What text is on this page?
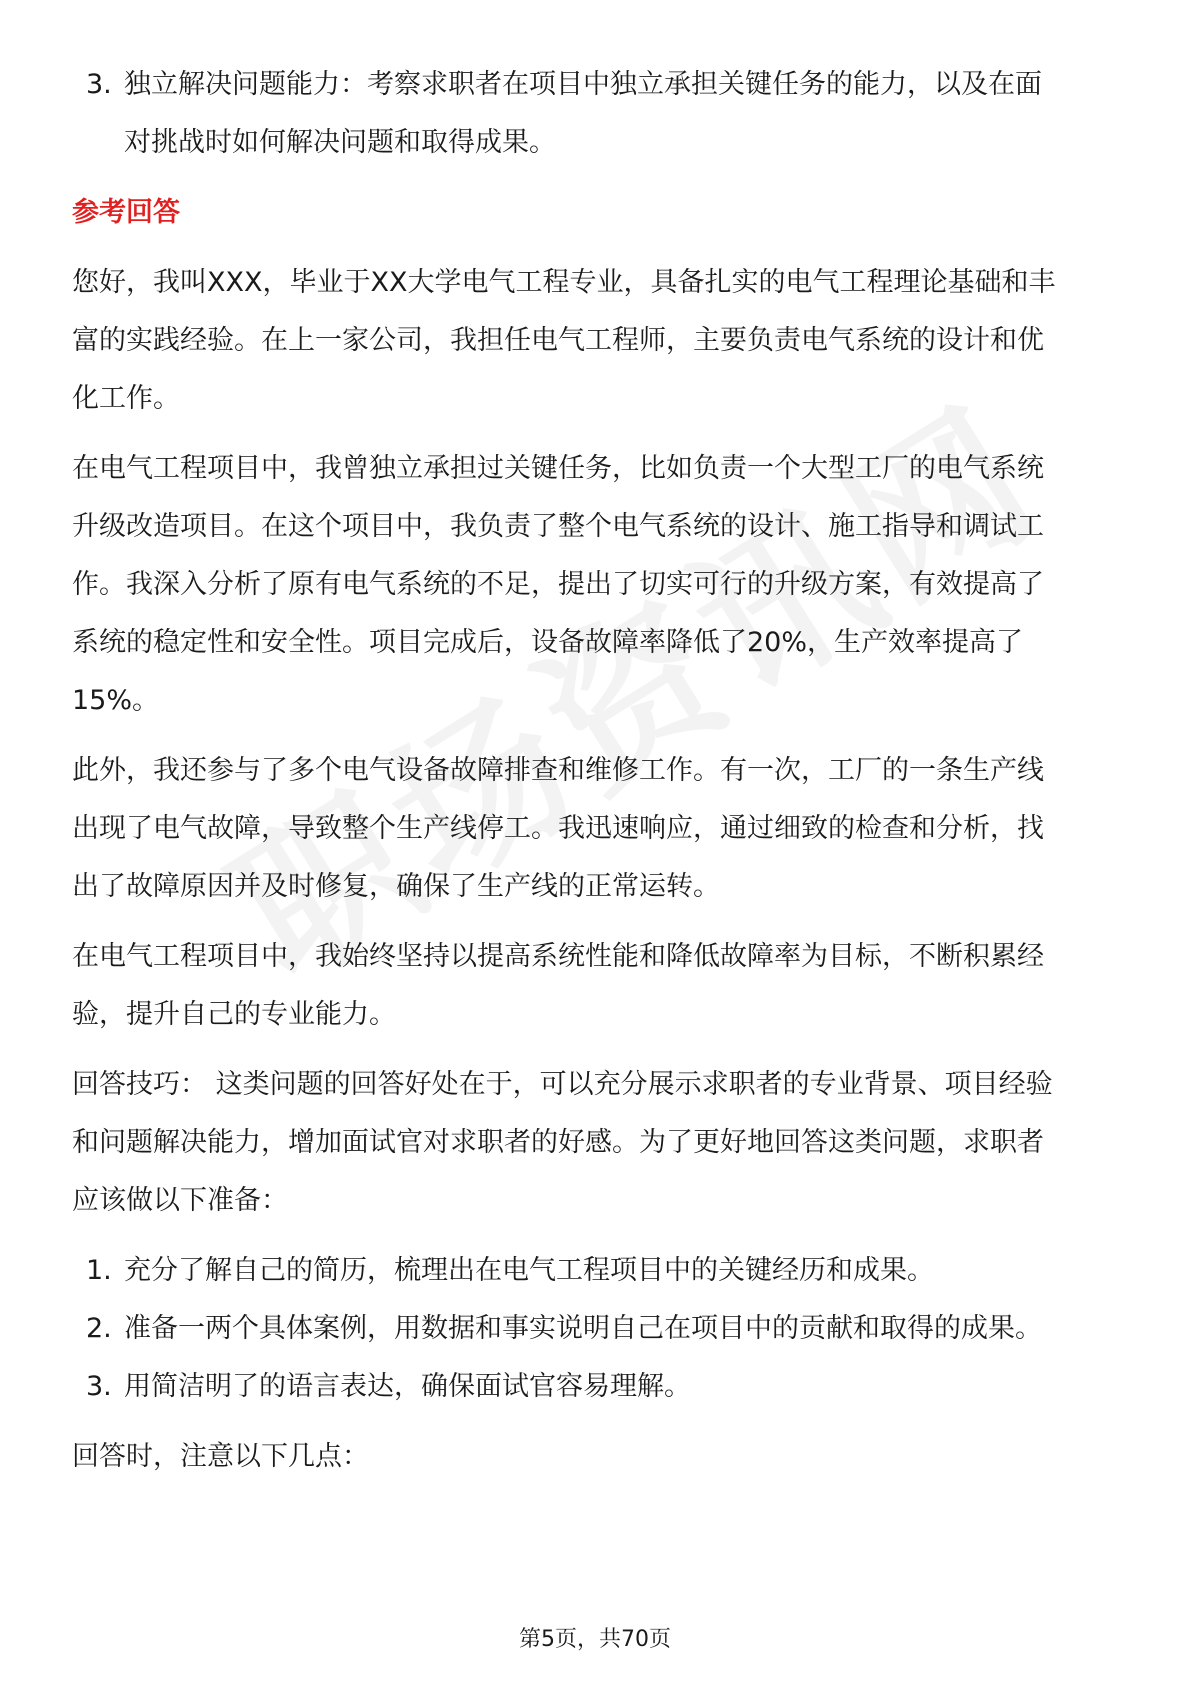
3. 独立解决问题能力：考察求职者在项目中独立承担关键任务的能力，以及在面
对挑战时如何解决问题和取得成果。
参考回答
您好，我叫XXX，毕业于XX大学电气工程专业，具备扎实的电气工程理论基础和丰
富的实践经验。在上一家公司，我担任电气工程师，主要负责电气系统的设计和优
化工作。
在电气工程项目中，我曾独立承担过关键任务，比如负责一个大型工厂的电气系统
升级改造项目。在这个项目中，我负责了整个电气系统的设计、施工指导和调试工
作。我深入分析了原有电气系统的不足，提出了切实可行的升级方案，有效提高了
系统的稳定性和安全性。项目完成后，设备故障率降低了20%，生产效率提高了
15%。
此外，我还参与了多个电气设备故障排查和维修工作。有一次，工厂的一条生产线
出现了电气故障，导致整个生产线停工。我迅速响应，通过细致的检查和分析，找
出了故障原因并及时修复，确保了生产线的正常运转。
在电气工程项目中，我始终坚持以提高系统性能和降低故障率为目标，不断积累经
验，提升自己的专业能力。
回答技巧： 这类问题的回答好处在于，可以充分展示求职者的专业背景、项目经验
和问题解决能力，增加面试官对求职者的好感。为了更好地回答这类问题，求职者
应该做以下准备：
1. 充分了解自己的简历，梳理出在电气工程项目中的关键经历和成果。
2. 准备一两个具体案例，用数据和事实说明自己在项目中的贡献和取得的成果。
3. 用简洁明了的语言表达，确保面试官容易理解。
回答时，注意以下几点：
第5页，共70页
